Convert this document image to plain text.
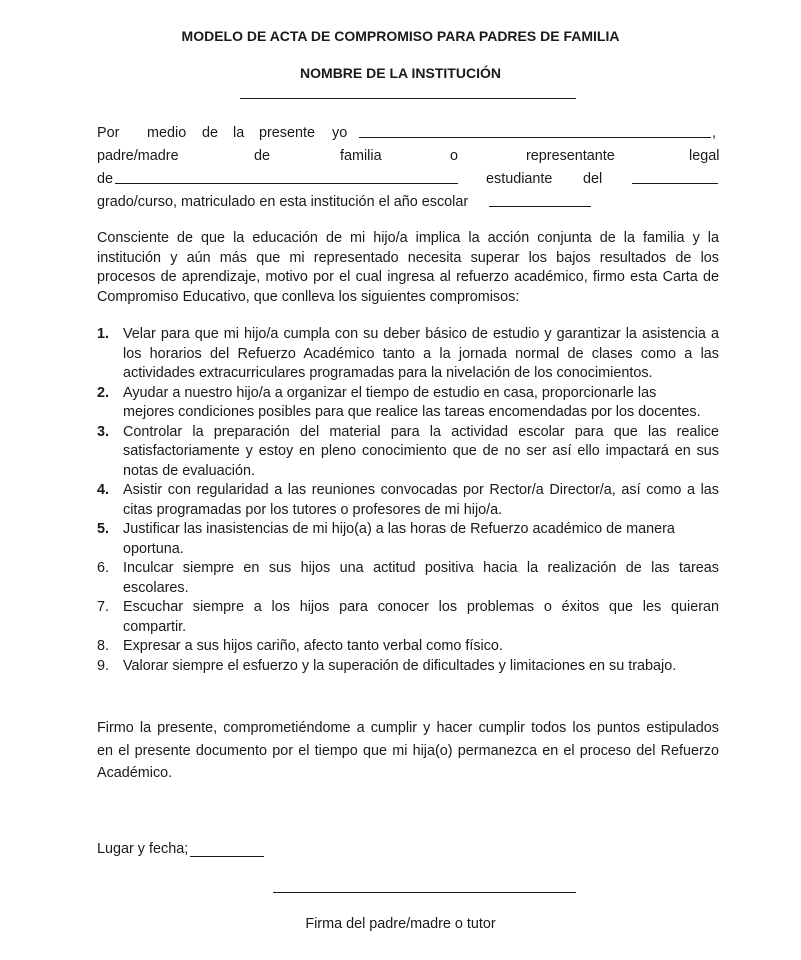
MODELO DE ACTA DE COMPROMISO PARA PADRES DE FAMILIA
NOMBRE DE LA INSTITUCIÓN
Por medio de la presente yo	,
padre/madre	de	familia	o	representante	legal
de	estudiante del
grado/curso, matriculado en esta institución el año escolar
Consciente de que la educación de mi hijo/a implica la acción conjunta de la familia y la
institución y aún más que mi representado necesita superar los bajos resultados de los
procesos de aprendizaje, motivo por el cual ingresa al refuerzo académico, firmo esta Carta de
Compromiso Educativo, que conlleva los siguientes compromisos:
1. Velar para que mi hijo/a cumpla con su deber básico de estudio y garantizar la asistencia a
los horarios del Refuerzo Académico tanto a la jornada normal de clases como a las
actividades extracurriculares programadas para la nivelación de los conocimientos.
2. Ayudar a nuestro hijo/a a organizar el tiempo de estudio en casa, proporcionarle las
mejores condiciones posibles para que realice las tareas encomendadas por los docentes.
3. Controlar la preparación del material para la actividad escolar para que las realice
satisfactoriamente y estoy en pleno conocimiento que de no ser así ello impactará en sus
notas de evaluación.
4. Asistir con regularidad a las reuniones convocadas por Rector/a Director/a, así como a las
citas programadas por los tutores o profesores de mi hijo/a.
5. Justificar las inasistencias de mi hijo(a) a las horas de Refuerzo académico de manera
oportuna.
6. Inculcar siempre en sus hijos una actitud positiva hacia la realización de las tareas
escolares.
7. Escuchar siempre a los hijos para conocer los problemas o éxitos que les quieran
compartir.
8. Expresar a sus hijos cariño, afecto tanto verbal como físico.
9. Valorar siempre el esfuerzo y la superación de dificultades y limitaciones en su trabajo.
Firmo la presente, comprometiéndome a cumplir y hacer cumplir todos los puntos estipulados
en el presente documento por el tiempo que mi hija(o) permanezca en el proceso del Refuerzo
Académico.
Lugar y fecha;
Firma del padre/madre o tutor
